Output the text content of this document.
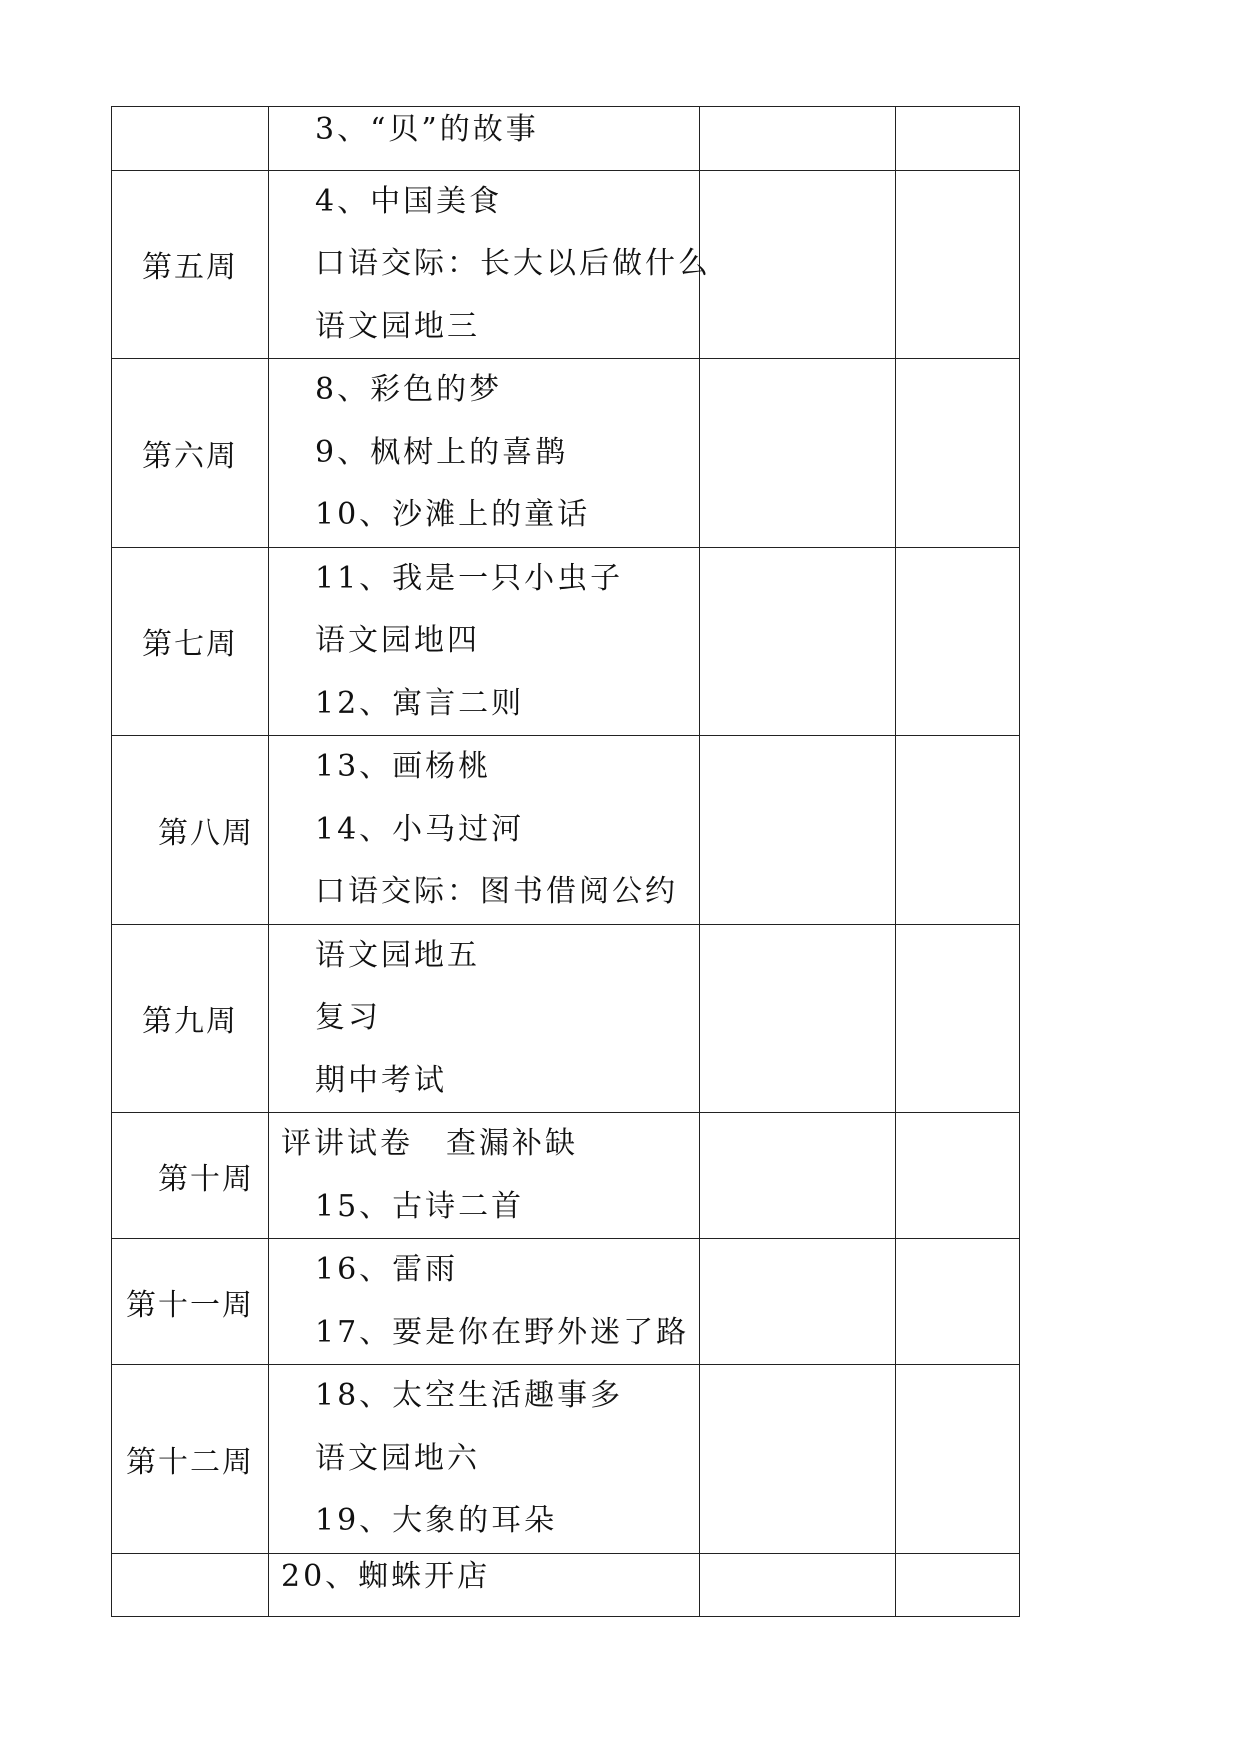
	3、“贝”的故事		

第五周	4、中国美食
口语交际：长大以后做什么
语文园地三		

第六周	8、彩色的梦
9、枫树上的喜鹊
10、沙滩上的童话		

第七周	11、我是一只小虫子
语文园地四
12、寓言二则		

第八周	13、画杨桃
14、小马过河
口语交际：图书借阅公约		

第九周	语文园地五
复习
期中考试		

第十周	评讲试卷　查漏补缺
15、古诗二首		

第十一周	16、雷雨
17、要是你在野外迷了路		

第十二周	18、太空生活趣事多
语文园地六
19、大象的耳朵		

	20、蜘蛛开店		
